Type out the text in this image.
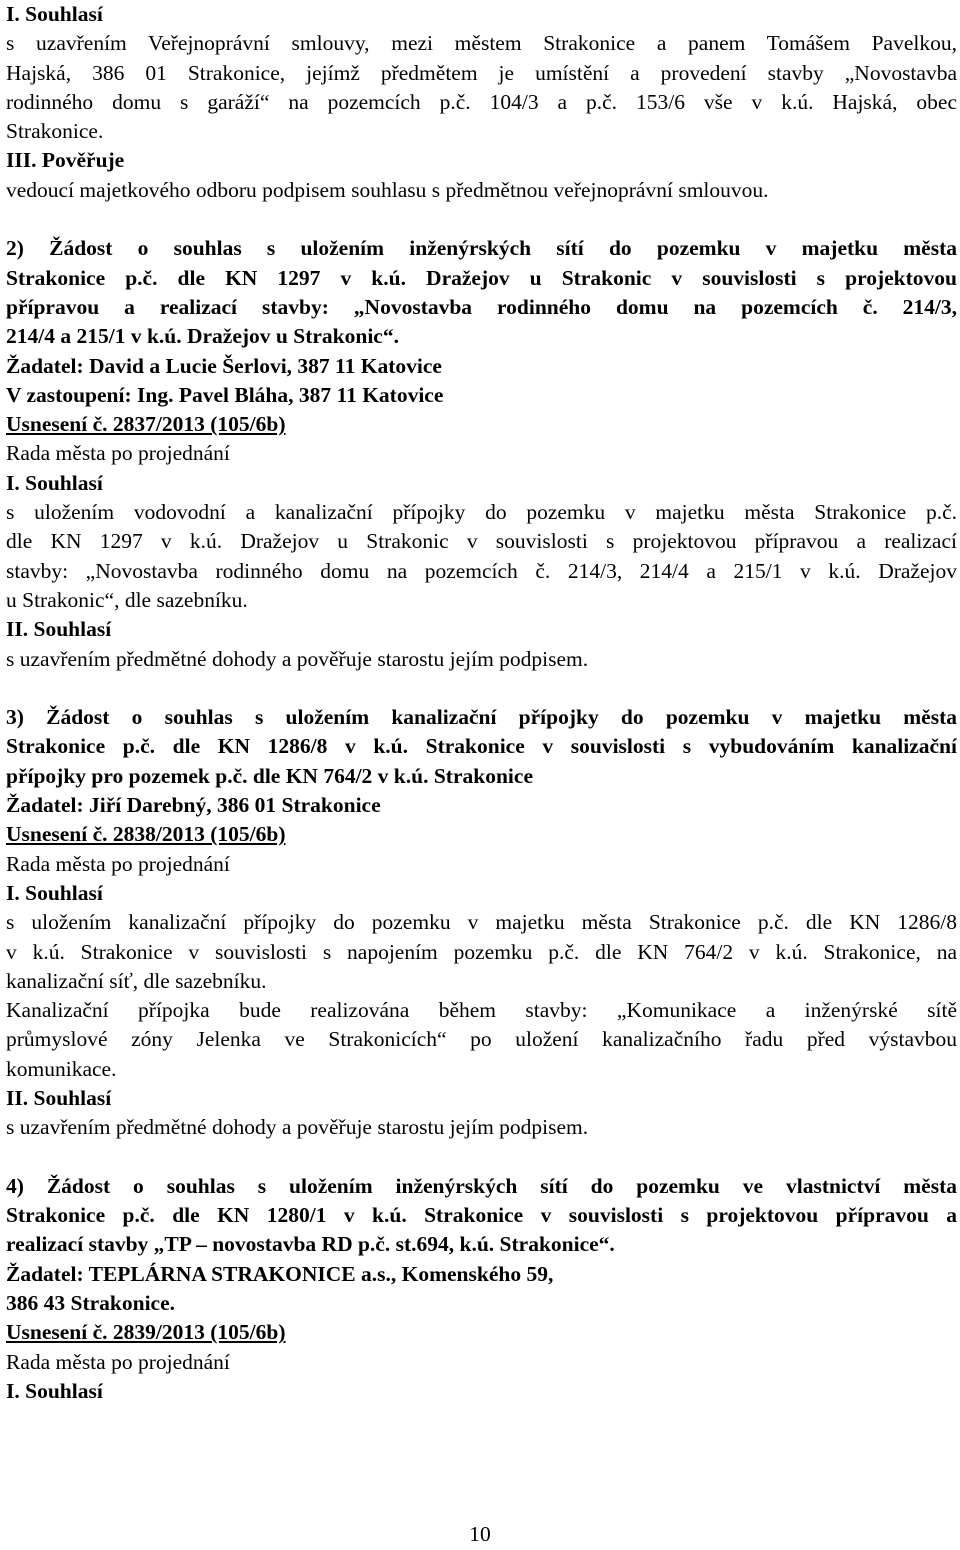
I. Souhlasí
s uzavřením Veřejnoprávní smlouvy, mezi městem Strakonice a panem Tomášem Pavelkou,
Hajská, 386 01 Strakonice, jejímž předmětem je umístění a provedení stavby „Novostavba
rodinného domu s garáží“ na pozemcích p.č. 104/3 a p.č. 153/6 vše v k.ú. Hajská, obec
Strakonice.
III. Pověřuje
vedoucí majetkového odboru podpisem souhlasu s předmětnou veřejnoprávní smlouvou.
2) Žádost o souhlas s uložením inženýrských sítí do pozemku v majetku města
Strakonice p.č. dle KN 1297 v k.ú. Dražejov u Strakonic v souvislosti s projektovou
přípravou a realizací stavby: „Novostavba rodinného domu na pozemcích č. 214/3,
214/4 a 215/1 v k.ú. Dražejov u Strakonic“.
Žadatel: David a Lucie Šerlovi, 387 11 Katovice
V zastoupení: Ing. Pavel Bláha, 387 11 Katovice
Usnesení č. 2837/2013 (105/6b)
Rada města po projednání
I. Souhlasí
s uložením vodovodní a kanalizační přípojky do pozemku v majetku města Strakonice p.č.
dle KN 1297 v k.ú. Dražejov u Strakonic v souvislosti s projektovou přípravou a realizací
stavby: „Novostavba rodinného domu na pozemcích č. 214/3, 214/4 a 215/1 v k.ú. Dražejov
u Strakonic“, dle sazebníku.
II. Souhlasí
s uzavřením předmětné dohody a pověřuje starostu jejím podpisem.
3) Žádost o souhlas s uložením kanalizační přípojky do pozemku v majetku města
Strakonice p.č. dle KN 1286/8 v k.ú. Strakonice v souvislosti s vybudováním kanalizační
přípojky pro pozemek p.č. dle KN 764/2 v k.ú. Strakonice
Žadatel: Jiří Darebný, 386 01 Strakonice
Usnesení č. 2838/2013 (105/6b)
Rada města po projednání
I. Souhlasí
s uložením kanalizační přípojky do pozemku v majetku města Strakonice p.č. dle KN 1286/8
v k.ú. Strakonice v souvislosti s napojením pozemku p.č. dle KN 764/2 v k.ú. Strakonice, na
kanalizační síť, dle sazebníku.
Kanalizační přípojka bude realizována během stavby: „Komunikace a inženýrské sítě
průmyslové zóny Jelenka ve Strakonicích“ po uložení kanalizačního řadu před výstavbou
komunikace.
II. Souhlasí
s uzavřením předmětné dohody a pověřuje starostu jejím podpisem.
4) Žádost o souhlas s uložením inženýrských sítí do pozemku ve vlastnictví města
Strakonice p.č. dle KN 1280/1 v k.ú. Strakonice v souvislosti s projektovou přípravou a
realizací stavby „TP – novostavba RD p.č. st.694, k.ú. Strakonice“.
Žadatel: TEPLÁRNA STRAKONICE a.s., Komenského 59,
386 43 Strakonice.
Usnesení č. 2839/2013 (105/6b)
Rada města po projednání
I. Souhlasí
10
